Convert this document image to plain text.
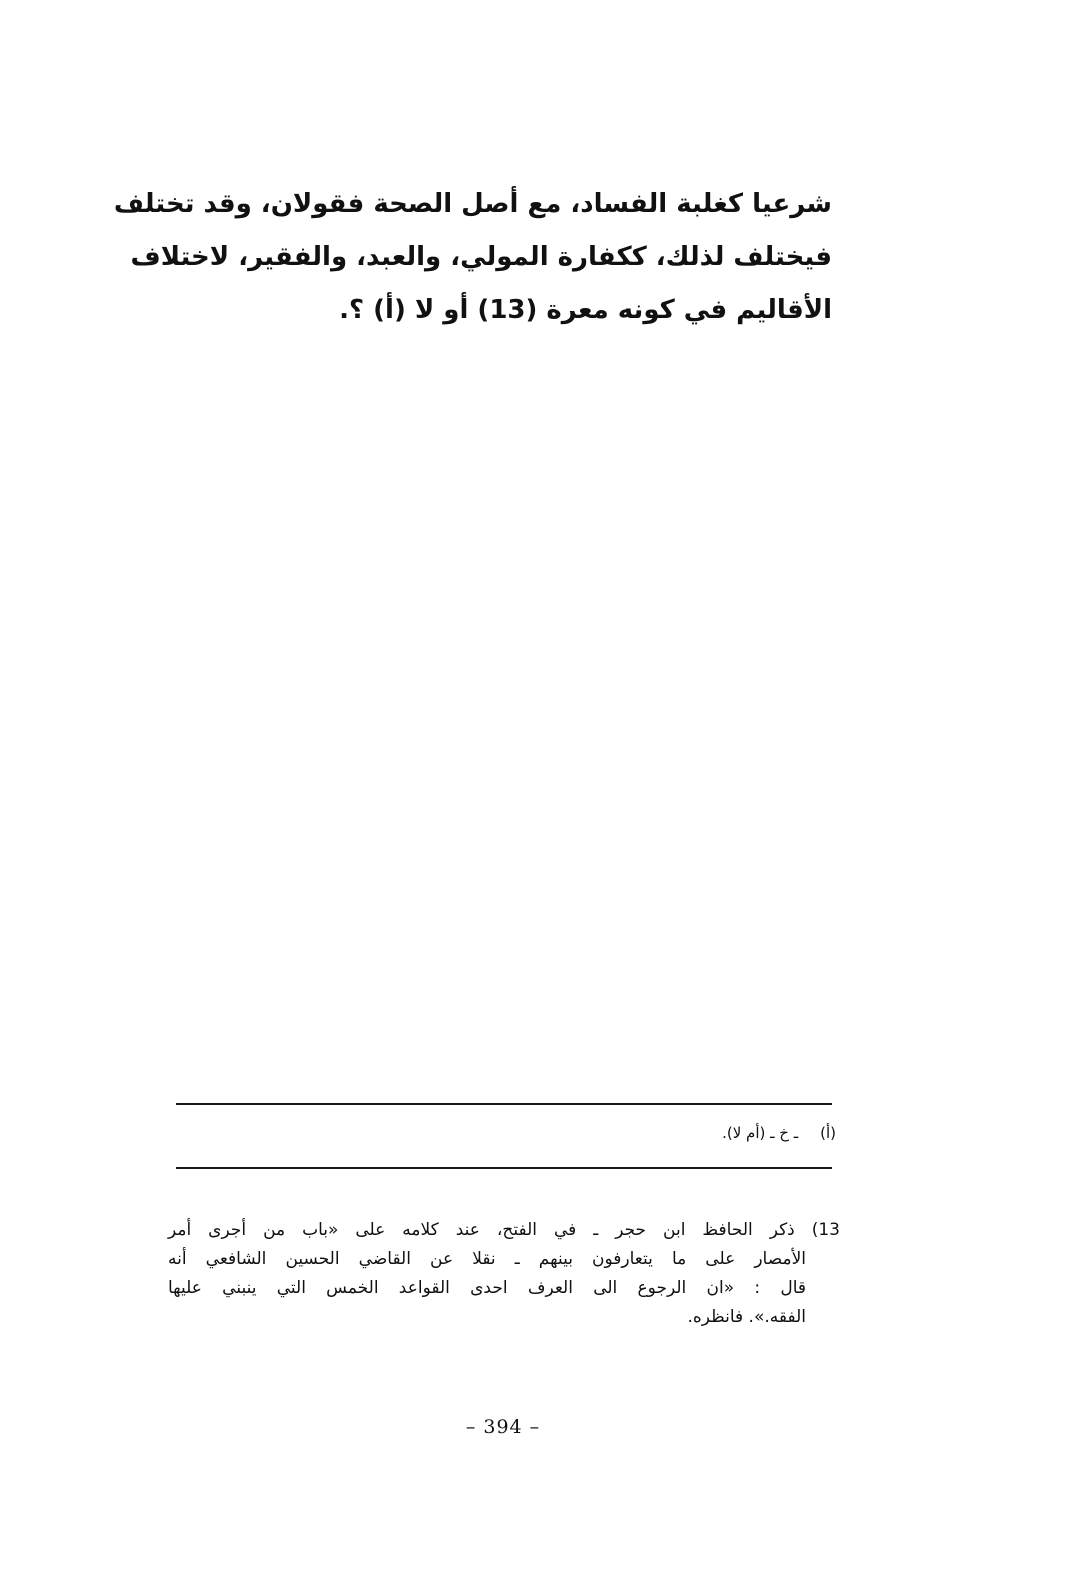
شرعيا كغلبة الفساد، مع أصل الصحة فقولان، وقد تختلف
فيختلف لذلك، ككفارة المولي، والعبد، والفقير، لاختلاف
الأقاليم في كونه معرة (13) أو لا (أ) ؟.
(أ)ـ خ ـ (أم لا).
13) ذكر الحافظ ابن حجر ـ في الفتح، عند كلامه على «باب من أجرى أمر
الأمصار على ما يتعارفون بينهم ـ نقلا عن القاضي الحسين الشافعي أنه
قال : «ان الرجوع الى العرف احدى القواعد الخمس التي ينبني عليها
الفقه.». فانظره.
– 394 –
